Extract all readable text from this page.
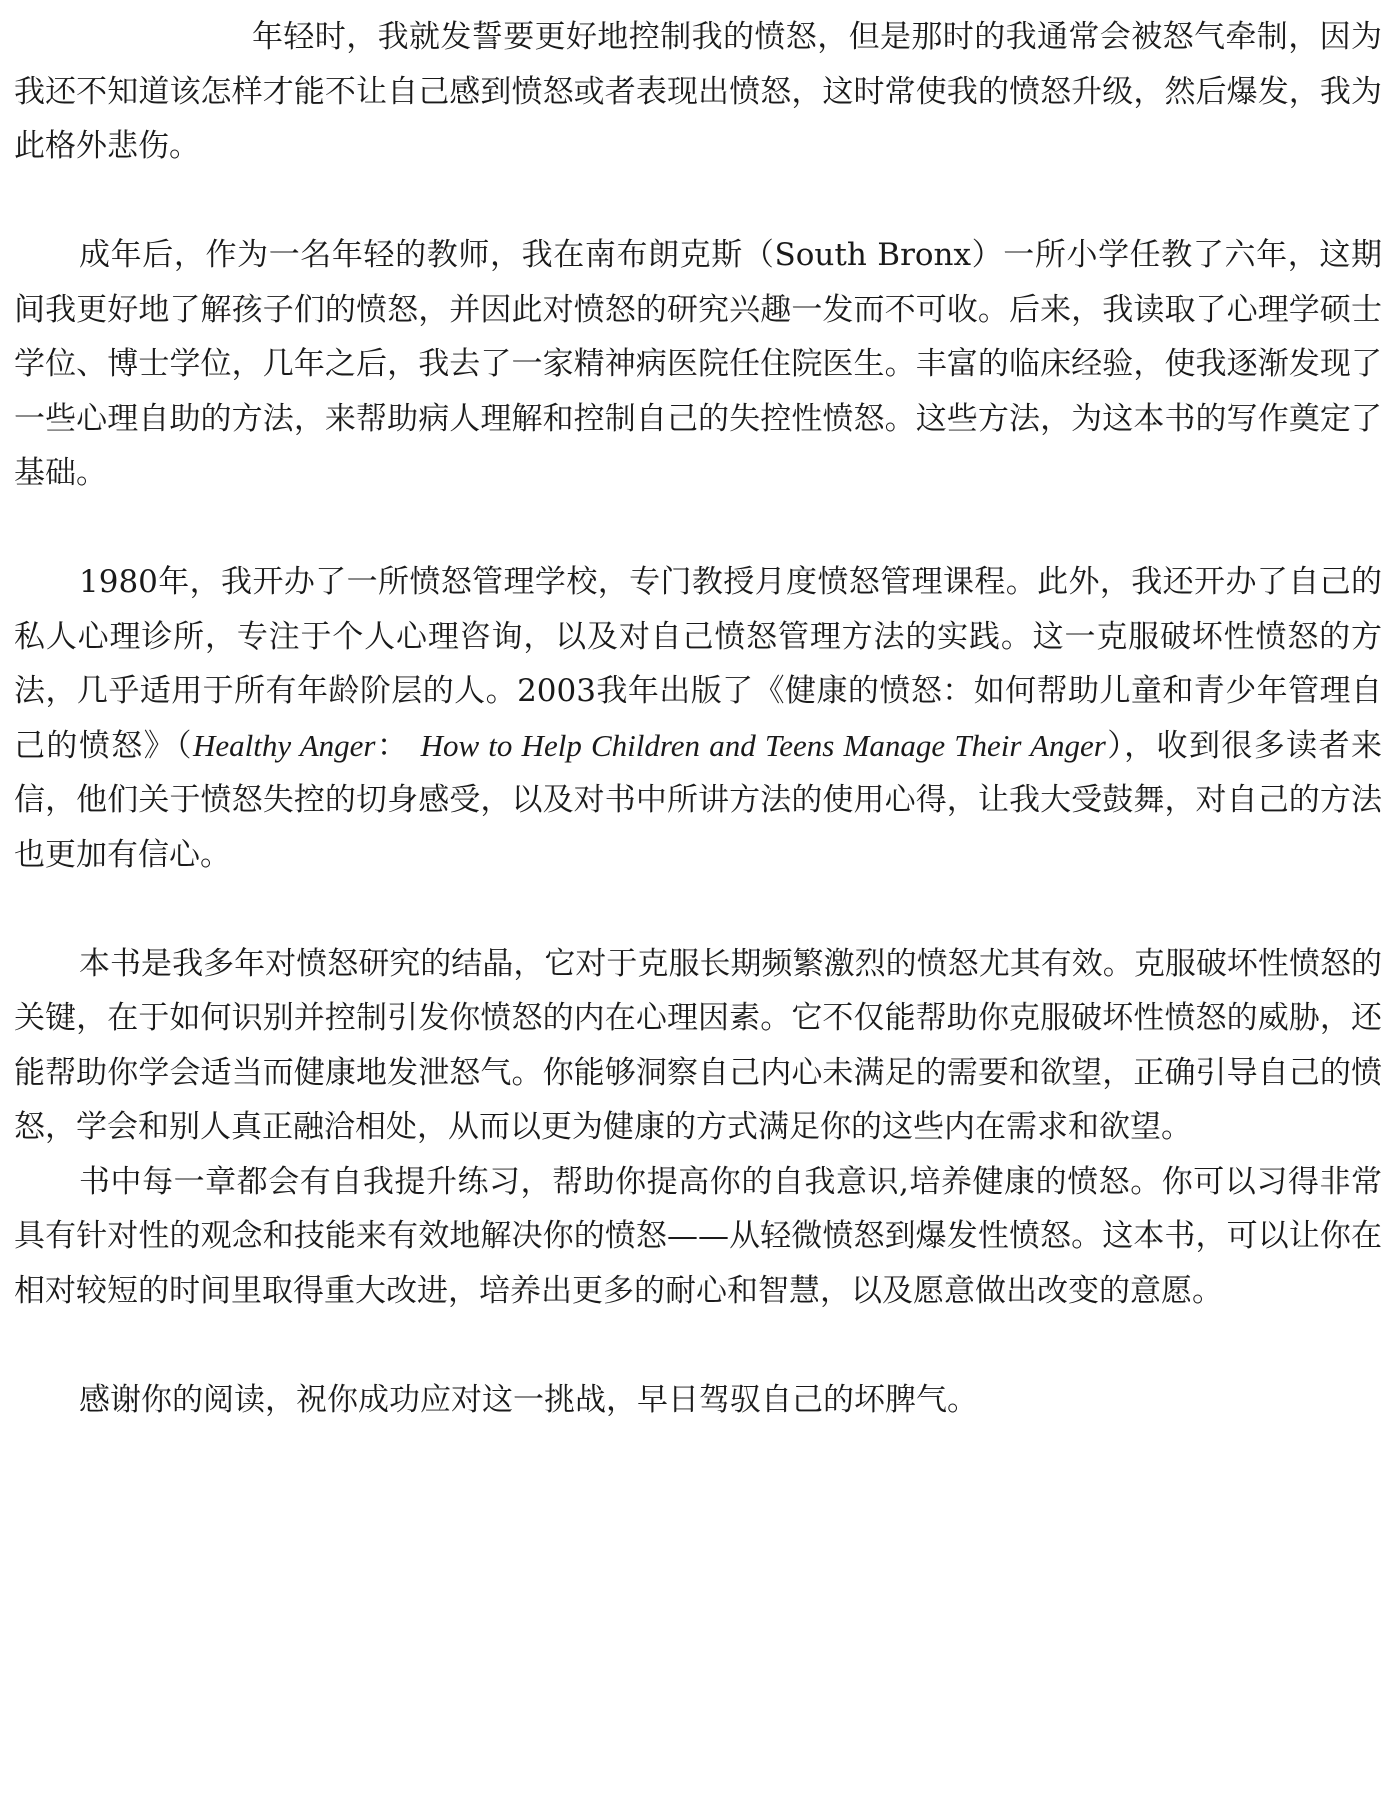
年轻时，我就发誓要更好地控制我的愤怒，但是那时的我通常会被怒气牵制，因为我还不知道该怎样才能不让自己感到愤怒或者表现出愤怒，这时常使我的愤怒升级，然后爆发，我为此格外悲伤。

成年后，作为一名年轻的教师，我在南布朗克斯（South Bronx）一所小学任教了六年，这期间我更好地了解孩子们的愤怒，并因此对愤怒的研究兴趣一发而不可收。后来，我读取了心理学硕士学位、博士学位，几年之后，我去了一家精神病医院任住院医生。丰富的临床经验，使我逐渐发现了一些心理自助的方法，来帮助病人理解和控制自己的失控性愤怒。这些方法，为这本书的写作奠定了基础。

1980年，我开办了一所愤怒管理学校，专门教授月度愤怒管理课程。此外，我还开办了自己的私人心理诊所，专注于个人心理咨询，以及对自己愤怒管理方法的实践。这一克服破坏性愤怒的方法，几乎适用于所有年龄阶层的人。2003我年出版了《健康的愤怒：如何帮助儿童和青少年管理自己的愤怒》（Healthy Anger： How to Help Children and Teens Manage Their Anger），收到很多读者来信，他们关于愤怒失控的切身感受，以及对书中所讲方法的使用心得，让我大受鼓舞，对自己的方法也更加有信心。

本书是我多年对愤怒研究的结晶，它对于克服长期频繁激烈的愤怒尤其有效。克服破坏性愤怒的关键，在于如何识别并控制引发你愤怒的内在心理因素。它不仅能帮助你克服破坏性愤怒的威胁，还能帮助你学会适当而健康地发泄怒气。你能够洞察自己内心未满足的需要和欲望，正确引导自己的愤怒，学会和别人真正融洽相处，从而以更为健康的方式满足你的这些内在需求和欲望。

书中每一章都会有自我提升练习，帮助你提高你的自我意识,培养健康的愤怒。你可以习得非常具有针对性的观念和技能来有效地解决你的愤怒——从轻微愤怒到爆发性愤怒。这本书，可以让你在相对较短的时间里取得重大改进，培养出更多的耐心和智慧，以及愿意做出改变的意愿。

感谢你的阅读，祝你成功应对这一挑战，早日驾驭自己的坏脾气。
